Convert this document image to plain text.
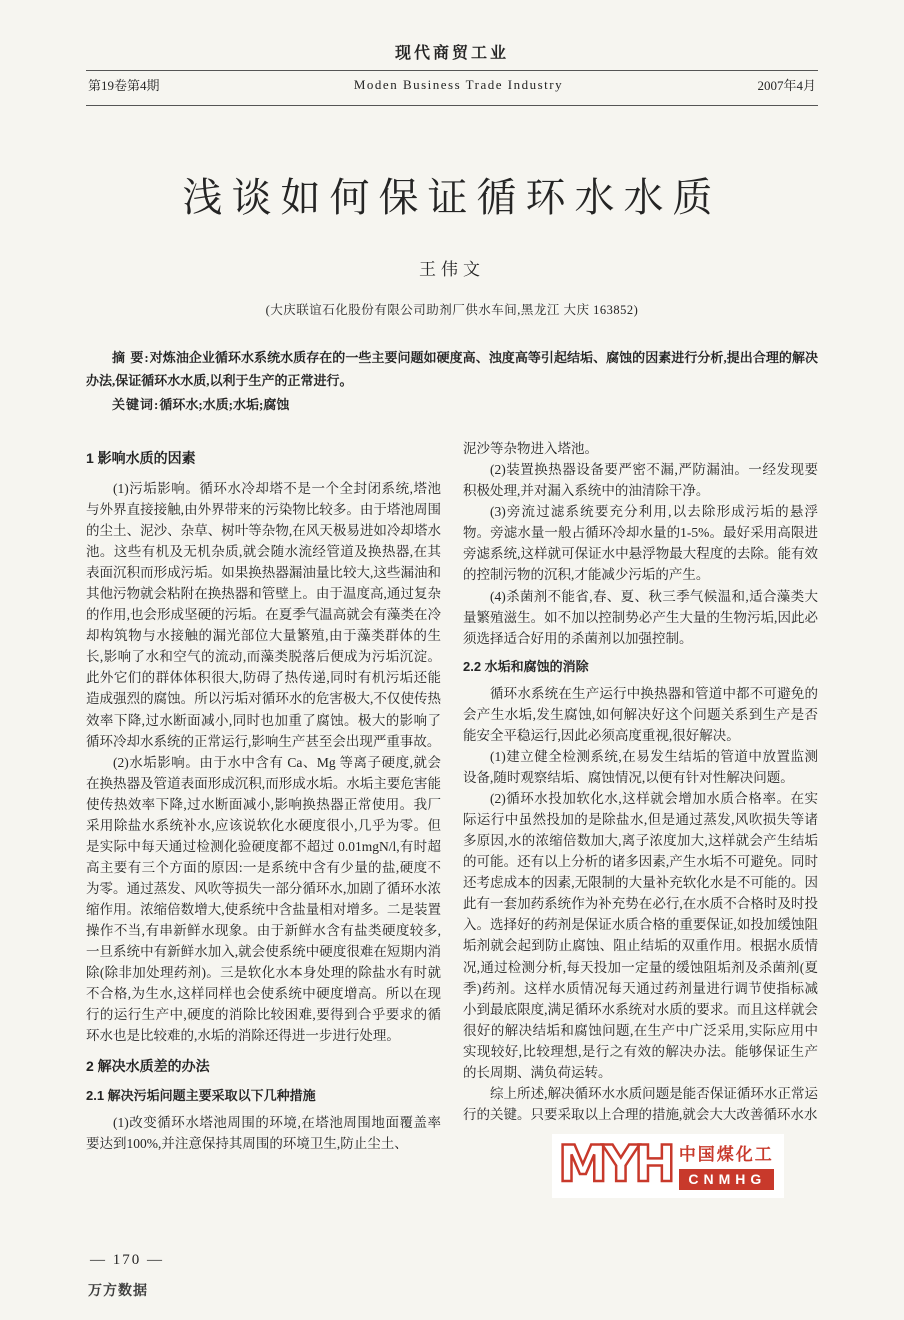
现代商贸工业
第19卷第4期	Moden Business Trade Industry	2007年4月
浅谈如何保证循环水水质
王伟文
(大庆联谊石化股份有限公司助剂厂供水车间,黑龙江 大庆 163852)

摘 要:对炼油企业循环水系统水质存在的一些主要问题如硬度高、浊度高等引起结垢、腐蚀的因素进行分析,提出合理的解决办法,保证循环水水质,以利于生产的正常进行。

关键词:循环水;水质;水垢;腐蚀

1 影响水质的因素

(1)污垢影响。循环水冷却塔不是一个全封闭系统,塔池与外界直接接触,由外界带来的污染物比较多。由于塔池周围的尘土、泥沙、杂草、树叶等杂物,在风天极易进如冷却塔水池。这些有机及无机杂质,就会随水流经管道及换热器,在其表面沉积而形成污垢。如果换热器漏油量比较大,这些漏油和其他污物就会粘附在换热器和管壁上。由于温度高,通过复杂的作用,也会形成坚硬的污垢。在夏季气温高就会有藻类在冷却构筑物与水接触的漏光部位大量繁殖,由于藻类群体的生长,影响了水和空气的流动,而藻类脱落后便成为污垢沉淀。此外它们的群体体积很大,防碍了热传递,同时有机污垢还能造成强烈的腐蚀。所以污垢对循环水的危害极大,不仅使传热效率下降,过水断面减小,同时也加重了腐蚀。极大的影响了循环冷却水系统的正常运行,影响生产甚至会出现严重事故。

(2)水垢影响。由于水中含有 Ca、Mg 等离子硬度,就会在换热器及管道表面形成沉积,而形成水垢。水垢主要危害能使传热效率下降,过水断面减小,影响换热器正常使用。我厂采用除盐水系统补水,应该说软化水硬度很小,几乎为零。但是实际中每天通过检测化验硬度都不超过 0.01mgN/l,有时超高主要有三个方面的原因:一是系统中含有少量的盐,硬度不为零。通过蒸发、风吹等损失一部分循环水,加剧了循环水浓缩作用。浓缩倍数增大,使系统中含盐量相对增多。二是装置操作不当,有串新鲜水现象。由于新鲜水含有盐类硬度较多,一旦系统中有新鲜水加入,就会使系统中硬度很难在短期内消除(除非加处理药剂)。三是软化水本身处理的除盐水有时就不合格,为生水,这样同样也会使系统中硬度增高。所以在现行的运行生产中,硬度的消除比较困难,要得到合乎要求的循环水也是比较难的,水垢的消除还得进一步进行处理。

2 解决水质差的办法
2.1 解决污垢问题主要采取以下几种措施

(1)改变循环水塔池周围的环境,在塔池周围地面覆盖率要达到100%,并注意保持其周围的环境卫生,防止尘土、

泥沙等杂物进入塔池。

(2)装置换热器设备要严密不漏,严防漏油。一经发现要积极处理,并对漏入系统中的油清除干净。

(3)旁流过滤系统要充分利用,以去除形成污垢的悬浮物。旁滤水量一般占循环冷却水量的1-5%。最好采用高限进旁滤系统,这样就可保证水中悬浮物最大程度的去除。能有效的控制污物的沉积,才能减少污垢的产生。

(4)杀菌剂不能省,春、夏、秋三季气候温和,适合藻类大量繁殖滋生。如不加以控制势必产生大量的生物污垢,因此必须选择适合好用的杀菌剂以加强控制。

2.2 水垢和腐蚀的消除

循环水系统在生产运行中换热器和管道中都不可避免的会产生水垢,发生腐蚀,如何解决好这个问题关系到生产是否能安全平稳运行,因此必须高度重视,很好解决。

(1)建立健全检测系统,在易发生结垢的管道中放置监测设备,随时观察结垢、腐蚀情况,以便有针对性解决问题。

(2)循环水投加软化水,这样就会增加水质合格率。在实际运行中虽然投加的是除盐水,但是通过蒸发,风吹损失等诸多原因,水的浓缩倍数加大,离子浓度加大,这样就会产生结垢的可能。还有以上分析的诸多因素,产生水垢不可避免。同时还考虑成本的因素,无限制的大量补充软化水是不可能的。因此有一套加药系统作为补充势在必行,在水质不合格时及时投入。选择好的药剂是保证水质合格的重要保证,如投加缓蚀阻垢剂就会起到防止腐蚀、阻止结垢的双重作用。根据水质情况,通过检测分析,每天投加一定量的缓蚀阻垢剂及杀菌剂(夏季)药剂。这样水质情况每天通过药剂量进行调节使指标减小到最底限度,满足循环水系统对水质的要求。而且这样就会很好的解决结垢和腐蚀问题,在生产中广泛采用,实际应用中实现较好,比较理想,是行之有效的解决办法。能够保证生产的长周期、满负荷运转。

综上所述,解决循环水水质问题是能否保证循环水正常运行的关键。只要采取以上合理的措施,就会大大改善循环水水

MYH 中国煤化工
CNMHG
— 170 —
万方数据
